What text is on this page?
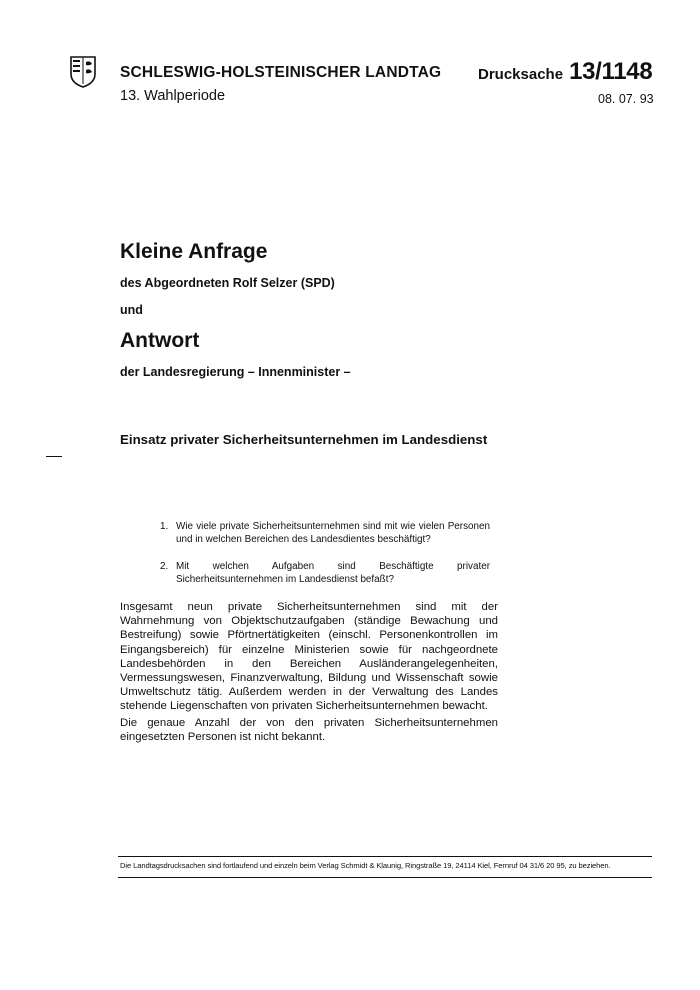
SCHLESWIG-HOLSTEINISCHER LANDTAG
13. Wahlperiode
Drucksache 13/1148
08. 07. 93
Kleine Anfrage
des Abgeordneten Rolf Selzer (SPD)
und
Antwort
der Landesregierung – Innenminister –
Einsatz privater Sicherheitsunternehmen im Landesdienst
1. Wie viele private Sicherheitsunternehmen sind mit wie vielen Personen und in welchen Bereichen des Landesdientes beschäftigt?
2. Mit welchen Aufgaben sind Beschäftigte privater Sicherheitsunternehmen im Landesdienst befaßt?

Insgesamt neun private Sicherheitsunternehmen sind mit der Wahrnehmung von Objektschutzaufgaben (ständige Bewachung und Bestreifung) sowie Pförtnertätigkeiten (einschl. Personenkontrollen im Eingangsbereich) für einzelne Ministerien sowie für nachgeordnete Landesbehörden in den Bereichen Ausländerangelegenheiten, Vermessungswesen, Finanzverwaltung, Bildung und Wissenschaft sowie Umweltschutz tätig. Außerdem werden in der Verwaltung des Landes stehende Liegenschaften von privaten Sicherheitsunternehmen bewacht.

Die genaue Anzahl der von den privaten Sicherheitsunternehmen eingesetzten Personen ist nicht bekannt.

Die Landtagsdrucksachen sind fortlaufend und einzeln beim Verlag Schmidt & Klaunig, Ringstraße 19, 24114 Kiel, Fernruf 04 31/6 20 95, zu beziehen.
